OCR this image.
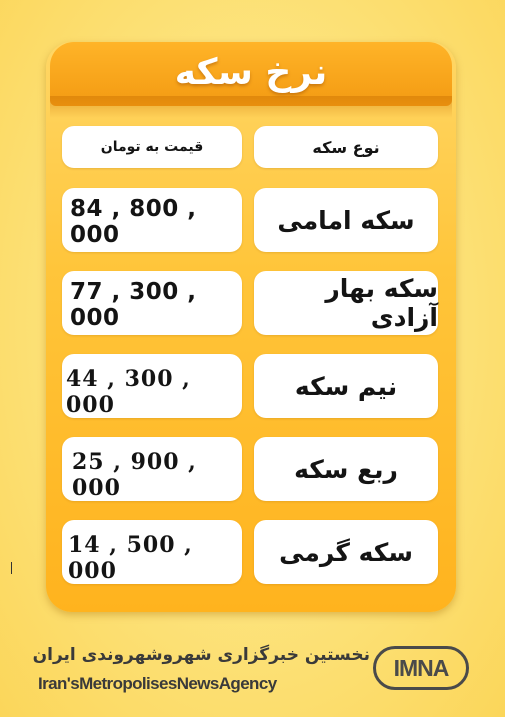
نرخ سکه
قیمت به تومان	نوع سکه
84 , 800 , 000
سکه امامی
77 , 300 , 000
سکه بهار آزادی
44 , 300 , 000
نیم سکه
25 , 900 , 000
ربع سکه
14 , 500 , 000
سکه گرمی
نخستین خبرگزاری شهروشهروندی ایران
Iran'sMetropolisesNewsAgency
IMNA
